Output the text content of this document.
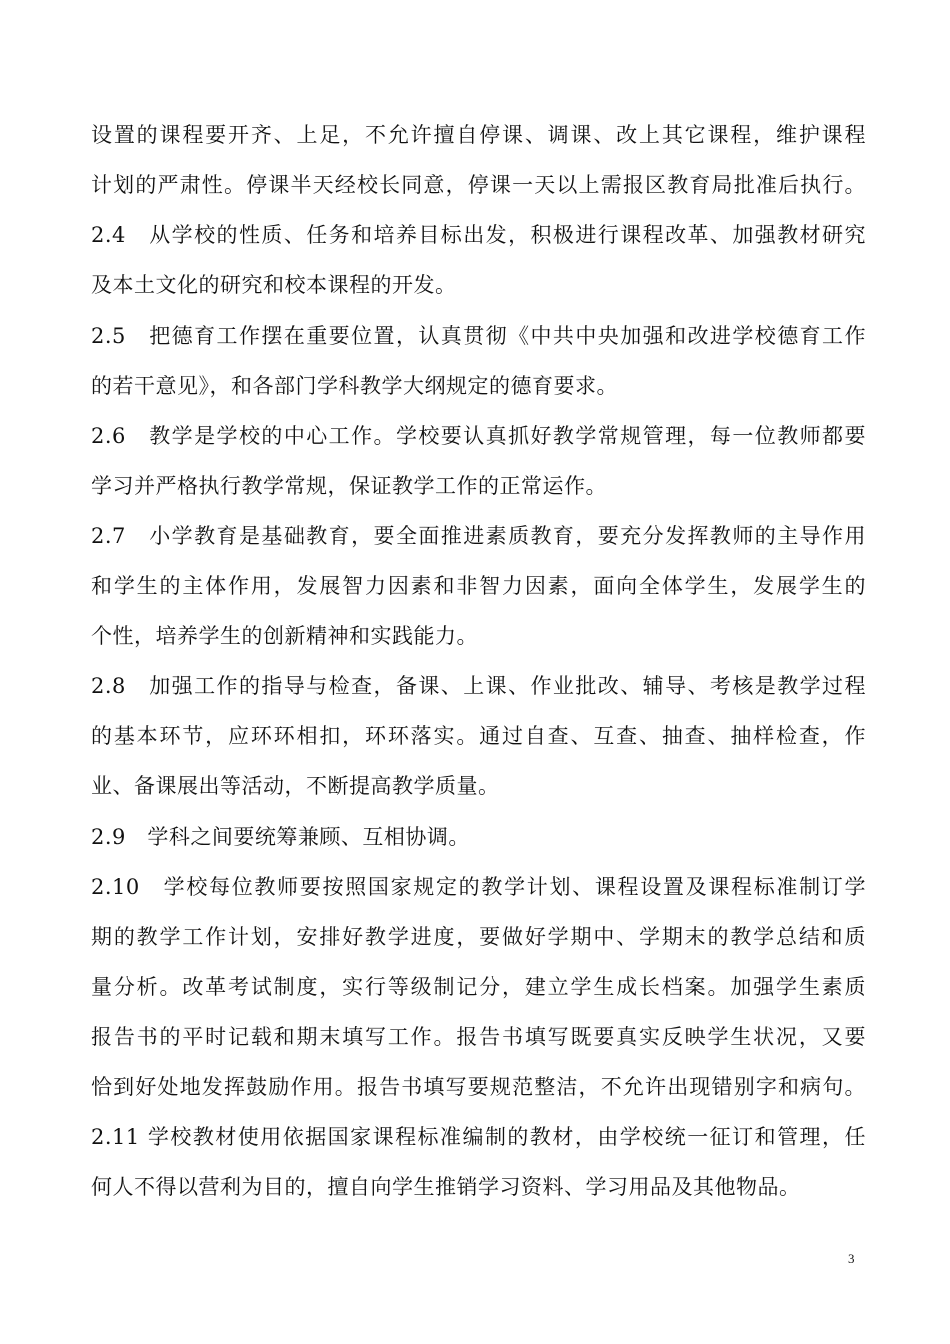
设置的课程要开齐、上足，不允许擅自停课、调课、改上其它课程，维护课程
计划的严肃性。停课半天经校长同意，停课一天以上需报区教育局批准后执行。
2.4　从学校的性质、任务和培养目标出发，积极进行课程改革、加强教材研究
及本土文化的研究和校本课程的开发。
2.5　把德育工作摆在重要位置，认真贯彻《中共中央加强和改进学校德育工作
的若干意见》，和各部门学科教学大纲规定的德育要求。
2.6　教学是学校的中心工作。学校要认真抓好教学常规管理，每一位教师都要
学习并严格执行教学常规，保证教学工作的正常运作。
2.7　小学教育是基础教育，要全面推进素质教育，要充分发挥教师的主导作用
和学生的主体作用，发展智力因素和非智力因素，面向全体学生，发展学生的
个性，培养学生的创新精神和实践能力。
2.8　加强工作的指导与检查，备课、上课、作业批改、辅导、考核是教学过程
的基本环节，应环环相扣，环环落实。通过自查、互查、抽查、抽样检查，作
业、备课展出等活动，不断提高教学质量。
2.9　学科之间要统筹兼顾、互相协调。
2.10　学校每位教师要按照国家规定的教学计划、课程设置及课程标准制订学
期的教学工作计划，安排好教学进度，要做好学期中、学期末的教学总结和质
量分析。改革考试制度，实行等级制记分，建立学生成长档案。加强学生素质
报告书的平时记载和期末填写工作。报告书填写既要真实反映学生状况，又要
恰到好处地发挥鼓励作用。报告书填写要规范整洁，不允许出现错别字和病句。
2.11 学校教材使用依据国家课程标准编制的教材，由学校统一征订和管理，任
何人不得以营利为目的，擅自向学生推销学习资料、学习用品及其他物品。
3
